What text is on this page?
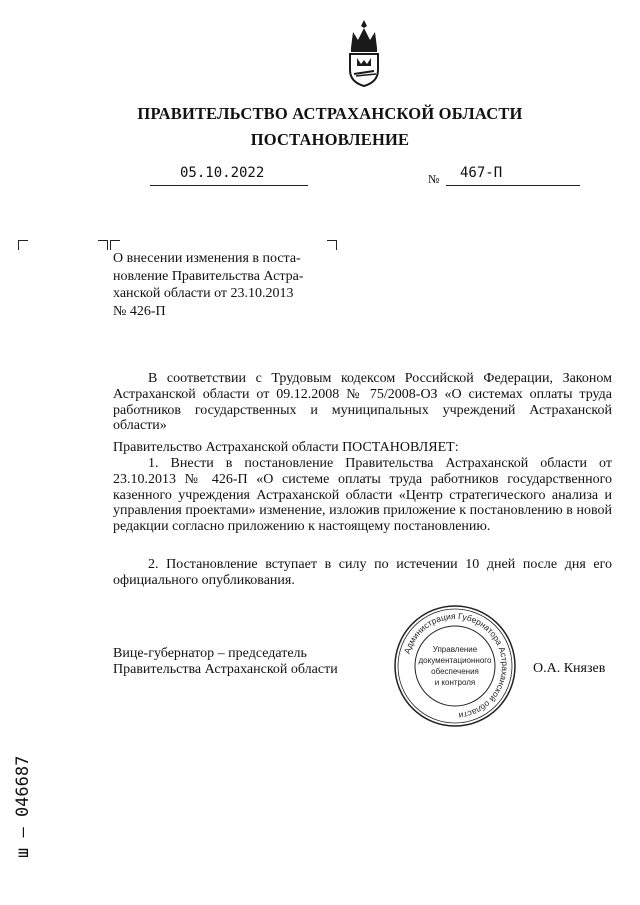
ПРАВИТЕЛЬСТВО АСТРАХАНСКОЙ ОБЛАСТИ
ПОСТАНОВЛЕНИЕ
05.10.2022	№ 467-П
О внесении изменения в поста-
новление Правительства Астра-
ханской области от 23.10.2013
№ 426-П
В соответствии с Трудовым кодексом Российской Федерации, Законом Астраханской области от 09.12.2008 № 75/2008-ОЗ «О системах оплаты труда работников государственных и муниципальных учреждений Астраханской области»
Правительство Астраханской области ПОСТАНОВЛЯЕТ:
1. Внести в постановление Правительства Астраханской области от 23.10.2013 № 426-П «О системе оплаты труда работников государственного казенного учреждения Астраханской области «Центр стратегического анализа и управления проектами» изменение, изложив приложение к постановлению в новой редакции согласно приложению к настоящему постановлению.
2. Постановление вступает в силу по истечении 10 дней после дня его официального опубликования.
Вице-губернатор – председатель
Правительства Астраханской области	О.А. Князев
Администрация Губернатора Астраханской области
Управление
документационного
обеспечения
и контроля
ш – 046687
